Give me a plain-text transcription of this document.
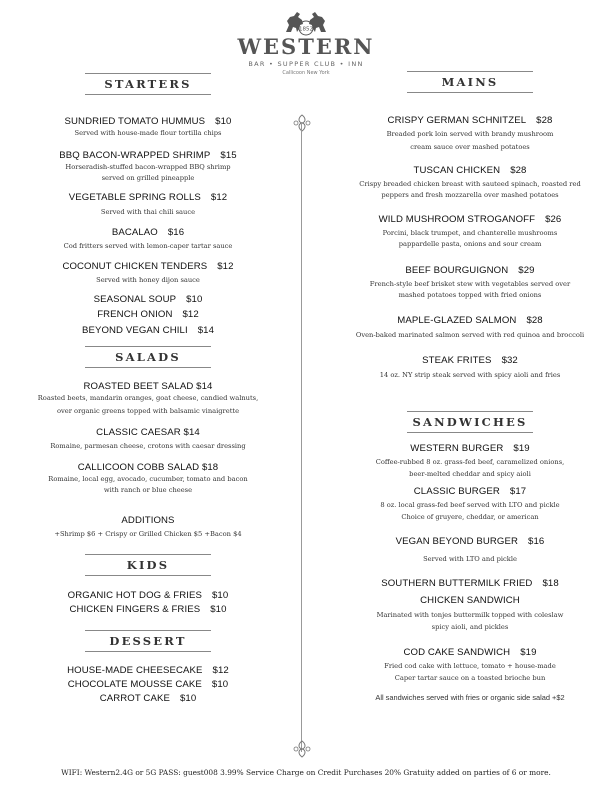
1852
WESTERN
BAR • SUPPER CLUB • INN
Callicoon New York
STARTERS
SUNDRIED TOMATO HUMMUS $10
Served with house-made flour tortilla chips
BBQ BACON-WRAPPED SHRIMP $15
Horseradish-stuffed bacon-wrapped BBQ shrimp
served on grilled pineapple
VEGETABLE SPRING ROLLS $12
Served with thai chili sauce
BACALAO $16
Cod fritters served with lemon-caper tartar sauce
COCONUT CHICKEN TENDERS $12
Served with honey dijon sauce
SEASONAL SOUP $10
FRENCH ONION $12
BEYOND VEGAN CHILI $14
SALADS
ROASTED BEET SALAD $14
Roasted beets, mandarin oranges, goat cheese, candied walnuts,
over organic greens topped with balsamic vinaigrette
CLASSIC CAESAR $14
Romaine, parmesan cheese, crotons with caesar dressing
CALLICOON COBB SALAD $18
Romaine, local egg, avocado, cucumber, tomato and bacon
with ranch or blue cheese
ADDITIONS
+Shrimp $6 + Crispy or Grilled Chicken $5 +Bacon $4
KIDS
ORGANIC HOT DOG & FRIES $10
CHICKEN FINGERS & FRIES $10
DESSERT
HOUSE-MADE CHEESECAKE $12
CHOCOLATE MOUSSE CAKE $10
CARROT CAKE $10
MAINS
CRISPY GERMAN SCHNITZEL $28
Breaded pork loin served with brandy mushroom
cream sauce over mashed potatoes
TUSCAN CHICKEN $28
Crispy breaded chicken breast with sauteed spinach, roasted red
peppers and fresh mozzarella over mashed potatoes
WILD MUSHROOM STROGANOFF $26
Porcini, black trumpet, and chanterelle mushrooms
pappardelle pasta, onions and sour cream
BEEF BOURGUIGNON $29
French-style beef brisket stew with vegetables served over
mashed potatoes topped with fried onions
MAPLE-GLAZED SALMON $28
Oven-baked marinated salmon served with red quinoa and broccoli
STEAK FRITES $32
14 oz. NY strip steak served with spicy aioli and fries
SANDWICHES
WESTERN BURGER $19
Coffee-rubbed 8 oz. grass-fed beef, caramelized onions,
beer-melted cheddar and spicy aioli
CLASSIC BURGER $17
8 oz. local grass-fed beef served with LTO and pickle
Choice of gruyere, cheddar, or american
VEGAN BEYOND BURGER $16
Served with LTO and pickle
SOUTHERN BUTTERMILK FRIED $18
CHICKEN SANDWICH
Marinated with tonjes buttermilk topped with coleslaw
spicy aioli, and pickles
COD CAKE SANDWICH $19
Fried cod cake with lettuce, tomato + house-made
Caper tartar sauce on a toasted brioche bun
All sandwiches served with fries or organic side salad +$2
WIFI: Western2.4G or 5G PASS: guest008 3.99% Service Charge on Credit Purchases 20% Gratuity added on parties of 6 or more.
